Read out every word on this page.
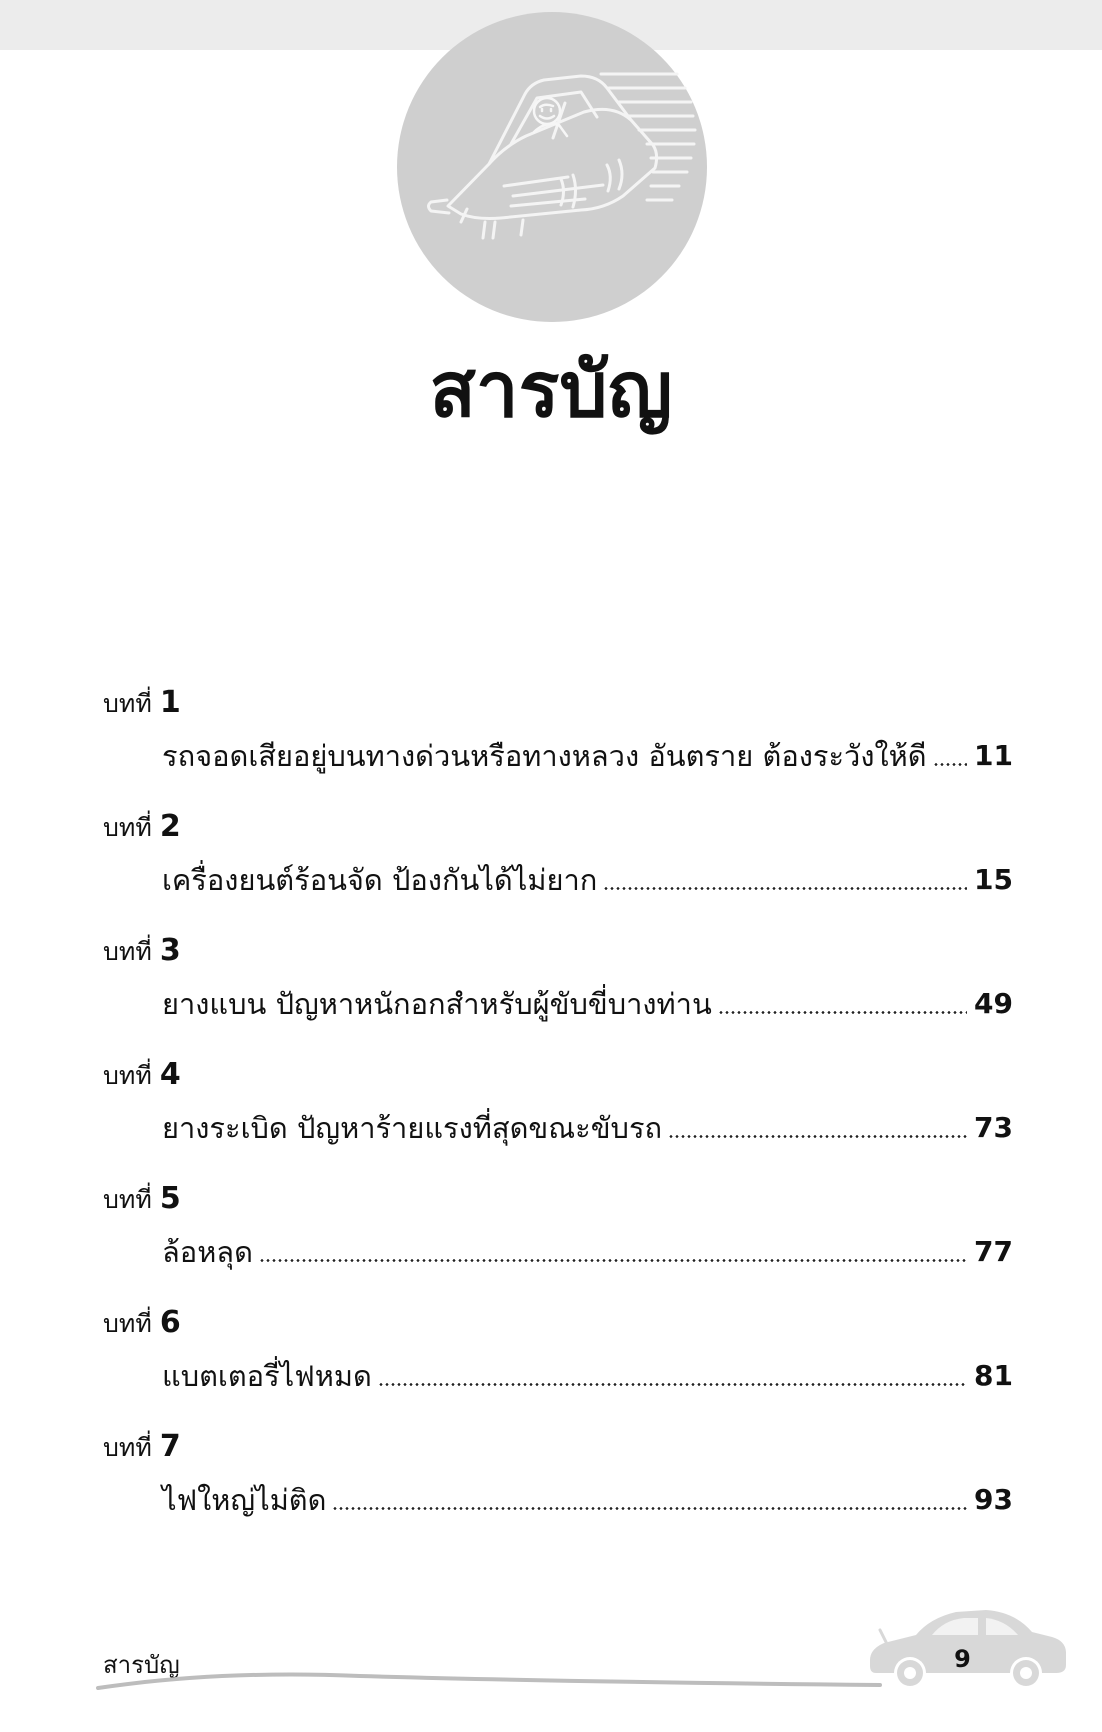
สารบัญ
บทที่ 1
รถจอดเสียอยู่บนทางด่วนหรือทางหลวง อันตราย ต้องระวังให้ดี 11
บทที่ 2
เครื่องยนต์ร้อนจัด ป้องกันได้ไม่ยาก	15
บทที่ 3
ยางแบน ปัญหาหนักอกสำหรับผู้ขับขี่บางท่าน	49
บทที่ 4
ยางระเบิด ปัญหาร้ายแรงที่สุดขณะขับรถ	73
บทที่ 5
ล้อหลุด	77
บทที่ 6
แบตเตอรี่ไฟหมด	81
บทที่ 7
ไฟใหญ่ไม่ติด	93
สารบัญ	9
